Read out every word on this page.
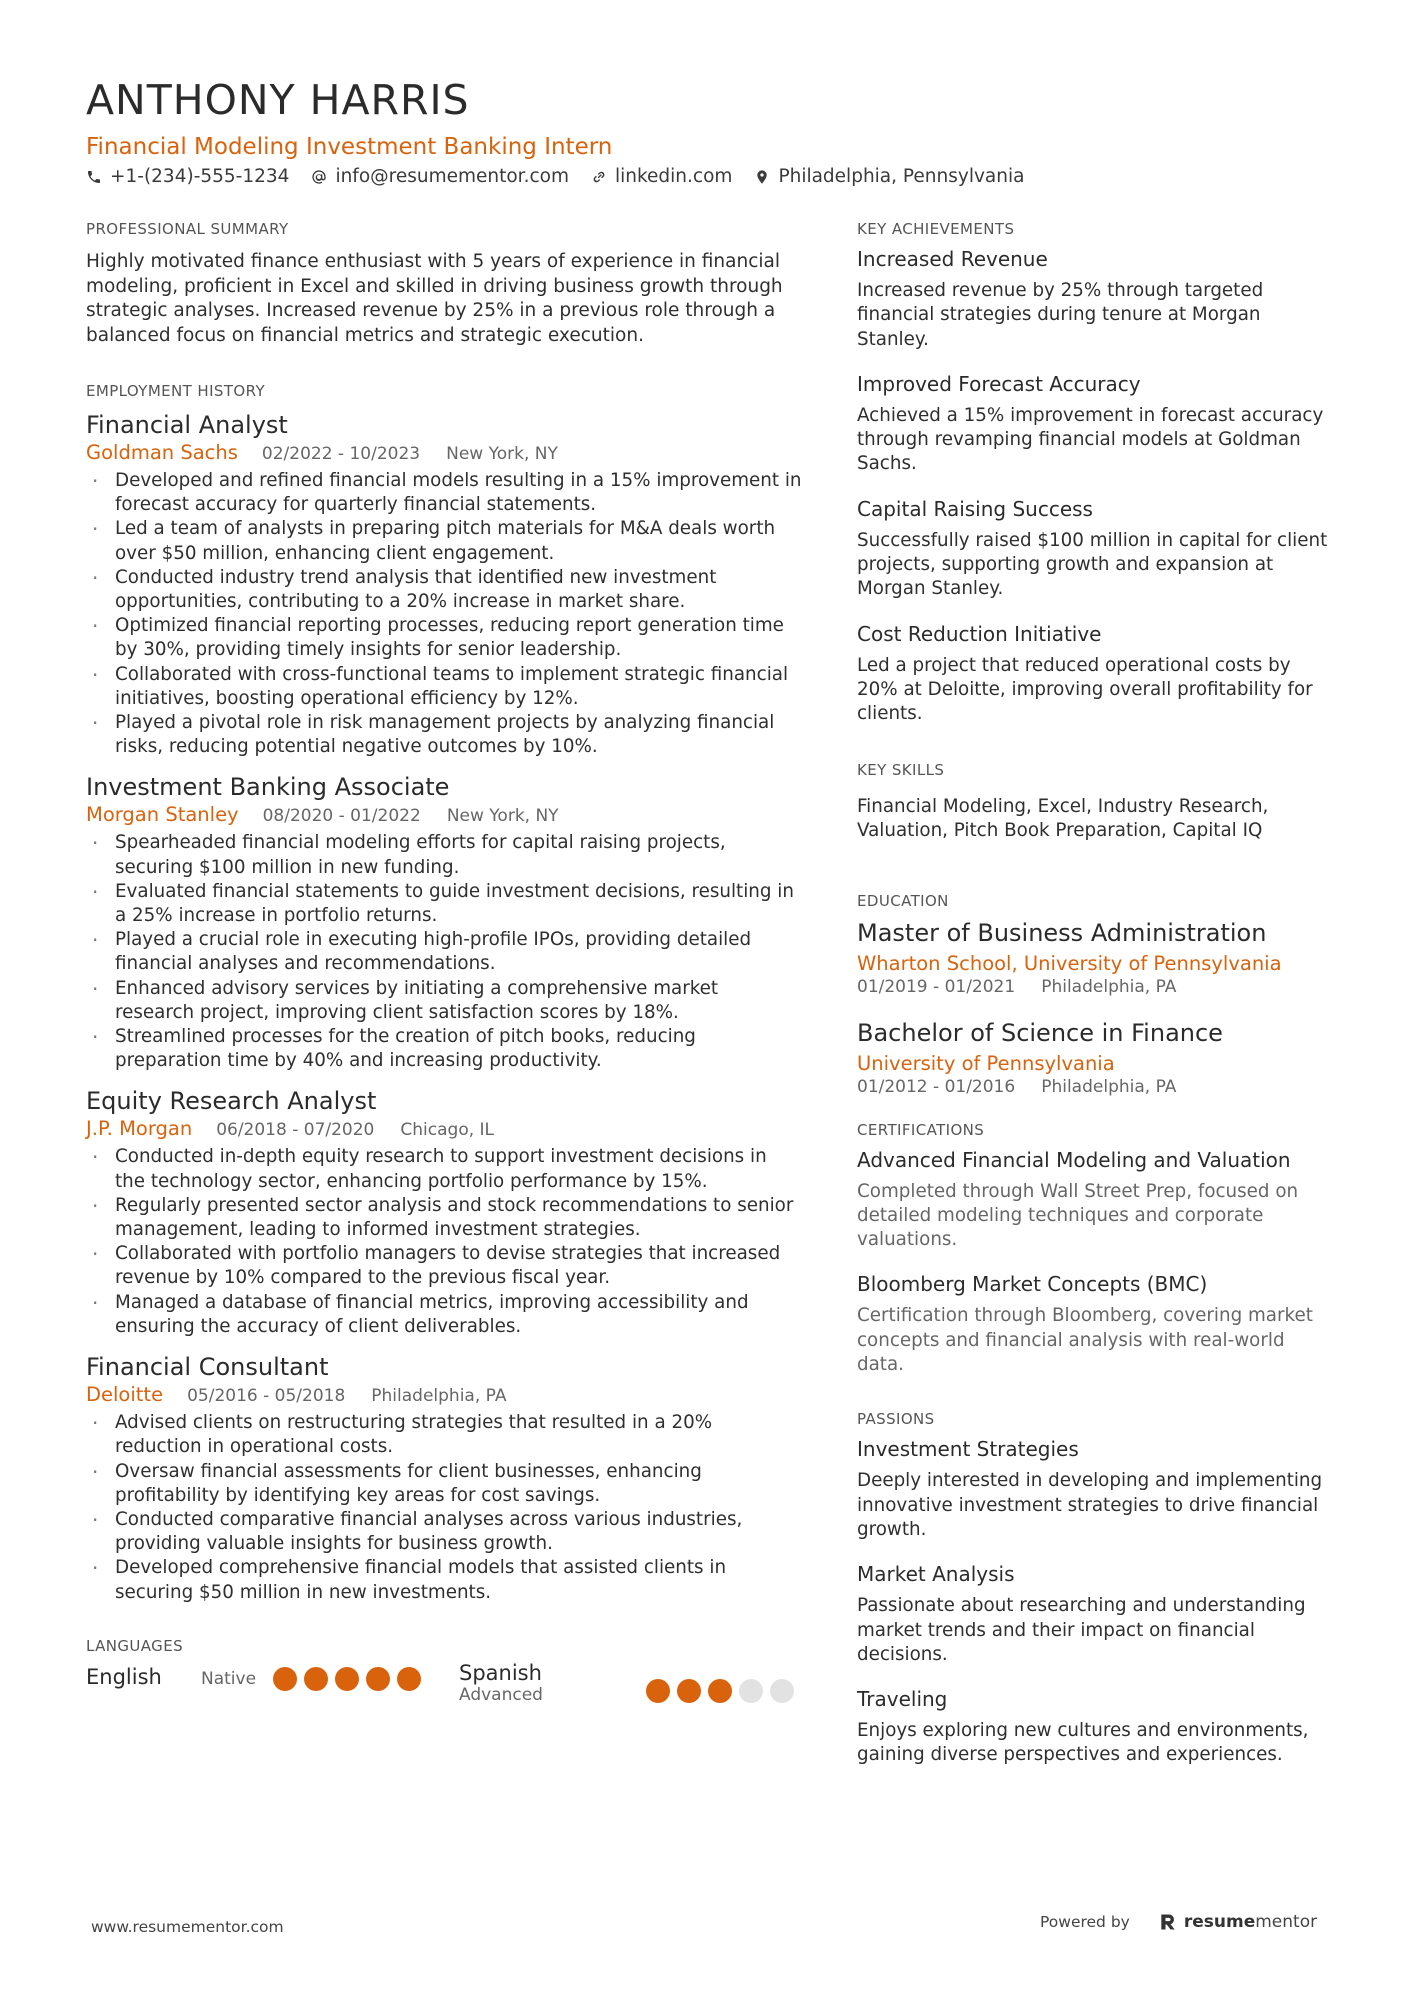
ANTHONY HARRIS
Financial Modeling Investment Banking Intern
+1-(234)-555-1234 info@resumementor.com linkedin.com Philadelphia, Pennsylvania
PROFESSIONAL SUMMARY
Highly motivated finance enthusiast with 5 years of experience in financial
modeling, proficient in Excel and skilled in driving business growth through
strategic analyses. Increased revenue by 25% in a previous role through a
balanced focus on financial metrics and strategic execution.
EMPLOYMENT HISTORY
Financial Analyst
Goldman Sachs 02/2022 - 10/2023 New York, NY
· Developed and refined financial models resulting in a 15% improvement in
forecast accuracy for quarterly financial statements.
· Led a team of analysts in preparing pitch materials for M&A deals worth
over $50 million, enhancing client engagement.
· Conducted industry trend analysis that identified new investment
opportunities, contributing to a 20% increase in market share.
· Optimized financial reporting processes, reducing report generation time
by 30%, providing timely insights for senior leadership.
· Collaborated with cross-functional teams to implement strategic financial
initiatives, boosting operational efficiency by 12%.
· Played a pivotal role in risk management projects by analyzing financial
risks, reducing potential negative outcomes by 10%.
Investment Banking Associate
Morgan Stanley 08/2020 - 01/2022 New York, NY
· Spearheaded financial modeling efforts for capital raising projects,
securing $100 million in new funding.
· Evaluated financial statements to guide investment decisions, resulting in
a 25% increase in portfolio returns.
· Played a crucial role in executing high-profile IPOs, providing detailed
financial analyses and recommendations.
· Enhanced advisory services by initiating a comprehensive market
research project, improving client satisfaction scores by 18%.
· Streamlined processes for the creation of pitch books, reducing
preparation time by 40% and increasing productivity.
Equity Research Analyst
J.P. Morgan 06/2018 - 07/2020 Chicago, IL
· Conducted in-depth equity research to support investment decisions in
the technology sector, enhancing portfolio performance by 15%.
· Regularly presented sector analysis and stock recommendations to senior
management, leading to informed investment strategies.
· Collaborated with portfolio managers to devise strategies that increased
revenue by 10% compared to the previous fiscal year.
· Managed a database of financial metrics, improving accessibility and
ensuring the accuracy of client deliverables.
Financial Consultant
Deloitte 05/2016 - 05/2018 Philadelphia, PA
· Advised clients on restructuring strategies that resulted in a 20%
reduction in operational costs.
· Oversaw financial assessments for client businesses, enhancing
profitability by identifying key areas for cost savings.
· Conducted comparative financial analyses across various industries,
providing valuable insights for business growth.
· Developed comprehensive financial models that assisted clients in
securing $50 million in new investments.
LANGUAGES
English Native	Spanish
Advanced
KEY ACHIEVEMENTS
Increased Revenue
Increased revenue by 25% through targeted
financial strategies during tenure at Morgan
Stanley.
Improved Forecast Accuracy
Achieved a 15% improvement in forecast accuracy
through revamping financial models at Goldman
Sachs.
Capital Raising Success
Successfully raised $100 million in capital for client
projects, supporting growth and expansion at
Morgan Stanley.
Cost Reduction Initiative
Led a project that reduced operational costs by
20% at Deloitte, improving overall profitability for
clients.
KEY SKILLS
Financial Modeling, Excel, Industry Research,
Valuation, Pitch Book Preparation, Capital IQ
EDUCATION
Master of Business Administration
Wharton School, University of Pennsylvania
01/2019 - 01/2021 Philadelphia, PA
Bachelor of Science in Finance
University of Pennsylvania
01/2012 - 01/2016 Philadelphia, PA
CERTIFICATIONS
Advanced Financial Modeling and Valuation
Completed through Wall Street Prep, focused on
detailed modeling techniques and corporate
valuations.
Bloomberg Market Concepts (BMC)
Certification through Bloomberg, covering market
concepts and financial analysis with real-world
data.
PASSIONS
Investment Strategies
Deeply interested in developing and implementing
innovative investment strategies to drive financial
growth.
Market Analysis
Passionate about researching and understanding
market trends and their impact on financial
decisions.
Traveling
Enjoys exploring new cultures and environments,
gaining diverse perspectives and experiences.
www.resumementor.com	Powered by	resume mentor
